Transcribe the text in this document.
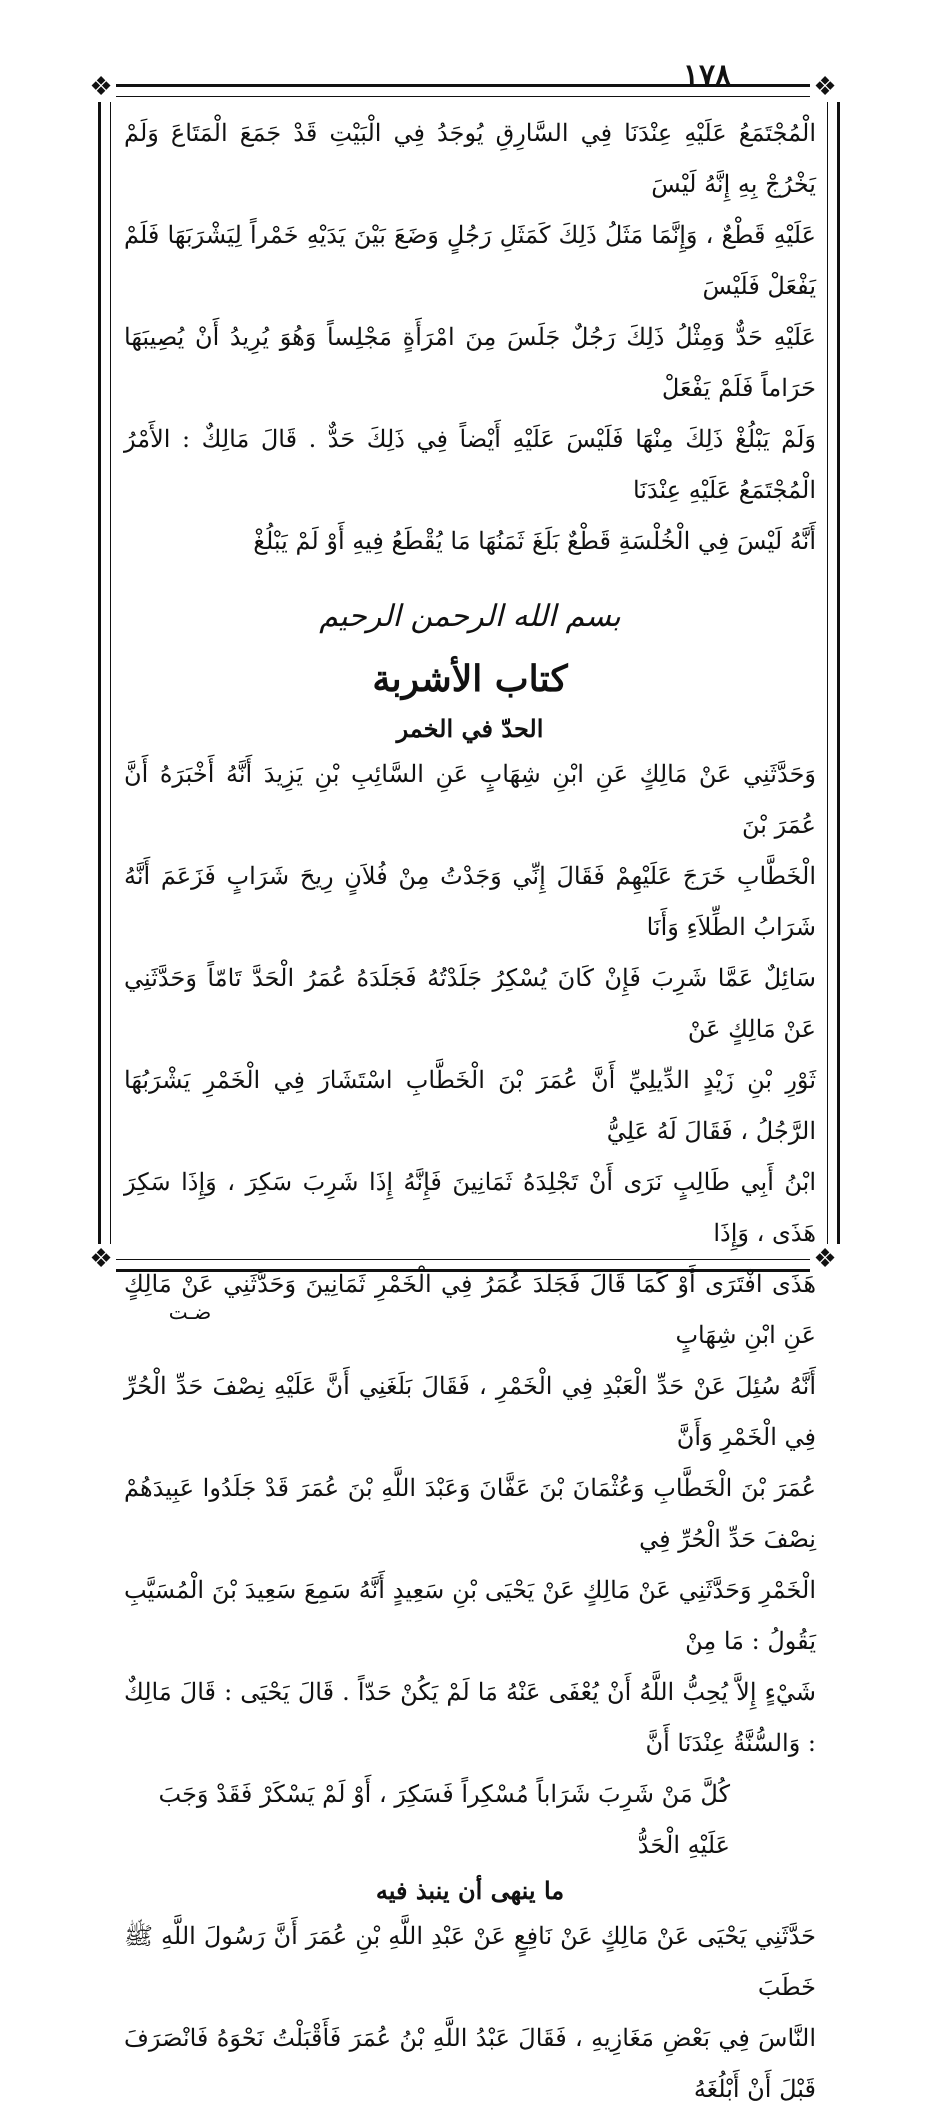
١٧٨
❖	❖
❖	❖

الْمُجْتَمَعُ عَلَيْهِ عِنْدَنَا فِي السَّارِقِ يُوجَدُ فِي الْبَيْتِ قَدْ جَمَعَ الْمَتَاعَ وَلَمْ يَخْرُجْ بِهِ إِنَّهُ لَيْسَ

عَلَيْهِ قَطْعٌ ، وَإِنَّمَا مَثَلُ ذَلِكَ كَمَثَلِ رَجُلٍ وَضَعَ بَيْنَ يَدَيْهِ خَمْراً لِيَشْرَبَهَا فَلَمْ يَفْعَلْ فَلَيْسَ

عَلَيْهِ حَدٌّ وَمِثْلُ ذَلِكَ رَجُلٌ جَلَسَ مِنَ امْرَأَةٍ مَجْلِساً وَهُوَ يُرِيدُ أَنْ يُصِيبَهَا حَرَاماً فَلَمْ يَفْعَلْ

وَلَمْ يَبْلُغْ ذَلِكَ مِنْهَا فَلَيْسَ عَلَيْهِ أَيْضاً فِي ذَلِكَ حَدٌّ . قَالَ مَالِكٌ : الأَمْرُ الْمُجْتَمَعُ عَلَيْهِ عِنْدَنَا

أَنَّهُ لَيْسَ فِي الْخُلْسَةِ قَطْعٌ بَلَغَ ثَمَنُهَا مَا يُقْطَعُ فِيهِ أَوْ لَمْ يَبْلُغْ

بسم الله الرحمن الرحيم
كتاب الأشربة
الحدّ في الخمر

وَحَدَّثَنِي عَنْ مَالِكٍ عَنِ ابْنِ شِهَابٍ عَنِ السَّائِبِ بْنِ يَزِيدَ أَنَّهُ أَخْبَرَهُ أَنَّ عُمَرَ بْنَ

الْخَطَّابِ خَرَجَ عَلَيْهِمْ فَقَالَ إِنِّي وَجَدْتُ مِنْ فُلاَنٍ رِيحَ شَرَابٍ فَزَعَمَ أَنَّهُ شَرَابُ الطِّلاَءِ وَأَنَا

سَائِلٌ عَمَّا شَرِبَ فَإِنْ كَانَ يُسْكِرُ جَلَدْتُهُ فَجَلَدَهُ عُمَرُ الْحَدَّ تَامّاً وَحَدَّثَنِي عَنْ مَالِكٍ عَنْ

ثَوْرِ بْنِ زَيْدٍ الدِّيلِيِّ أَنَّ عُمَرَ بْنَ الْخَطَّابِ اسْتَشَارَ فِي الْخَمْرِ يَشْرَبُهَا الرَّجُلُ ، فَقَالَ لَهُ عَلِيُّ

ابْنُ أَبِي طَالِبٍ نَرَى أَنْ تَجْلِدَهُ ثَمَانِينَ فَإِنَّهُ إِذَا شَرِبَ سَكِرَ ، وَإِذَا سَكِرَ هَذَى ، وَإِذَا

هَذَى افْتَرَى أَوْ كَمَا قَالَ فَجَلَدَ عُمَرُ فِي الْخَمْرِ ثَمَانِينَ وَحَدَّثَنِي عَنْ مَالِكٍ عَنِ ابْنِ شِهَابٍ

أَنَّهُ سُئِلَ عَنْ حَدِّ الْعَبْدِ فِي الْخَمْرِ ، فَقَالَ بَلَغَنِي أَنَّ عَلَيْهِ نِصْفَ حَدِّ الْحُرِّ فِي الْخَمْرِ وَأَنَّ

عُمَرَ بْنَ الْخَطَّابِ وَعُثْمَانَ بْنَ عَفَّانَ وَعَبْدَ اللَّهِ بْنَ عُمَرَ قَدْ جَلَدُوا عَبِيدَهُمْ نِصْفَ حَدِّ الْحُرِّ فِي

الْخَمْرِ وَحَدَّثَنِي عَنْ مَالِكٍ عَنْ يَحْيَى بْنِ سَعِيدٍ أَنَّهُ سَمِعَ سَعِيدَ بْنَ الْمُسَيَّبِ يَقُولُ : مَا مِنْ

شَيْءٍ إِلاَّ يُحِبُّ اللَّهُ أَنْ يُعْفَى عَنْهُ مَا لَمْ يَكُنْ حَدّاً . قَالَ يَحْيَى : قَالَ مَالِكٌ : وَالسُّنَّةُ عِنْدَنَا أَنَّ

كُلَّ مَنْ شَرِبَ شَرَاباً مُسْكِراً فَسَكِرَ ، أَوْ لَمْ يَسْكَرْ فَقَدْ وَجَبَ عَلَيْهِ الْحَدُّ

ما ينهى أن ينبذ فيه

حَدَّثَنِي يَحْيَى عَنْ مَالِكٍ عَنْ نَافِعٍ عَنْ عَبْدِ اللَّهِ بْنِ عُمَرَ أَنَّ رَسُولَ اللَّهِ ﷺ خَطَبَ

النَّاسَ فِي بَعْضِ مَغَازِيهِ ، فَقَالَ عَبْدُ اللَّهِ بْنُ عُمَرَ فَأَقْبَلْتُ نَحْوَهُ فَانْصَرَفَ قَبْلَ أَنْ أَبْلُغَهُ

ضـت
